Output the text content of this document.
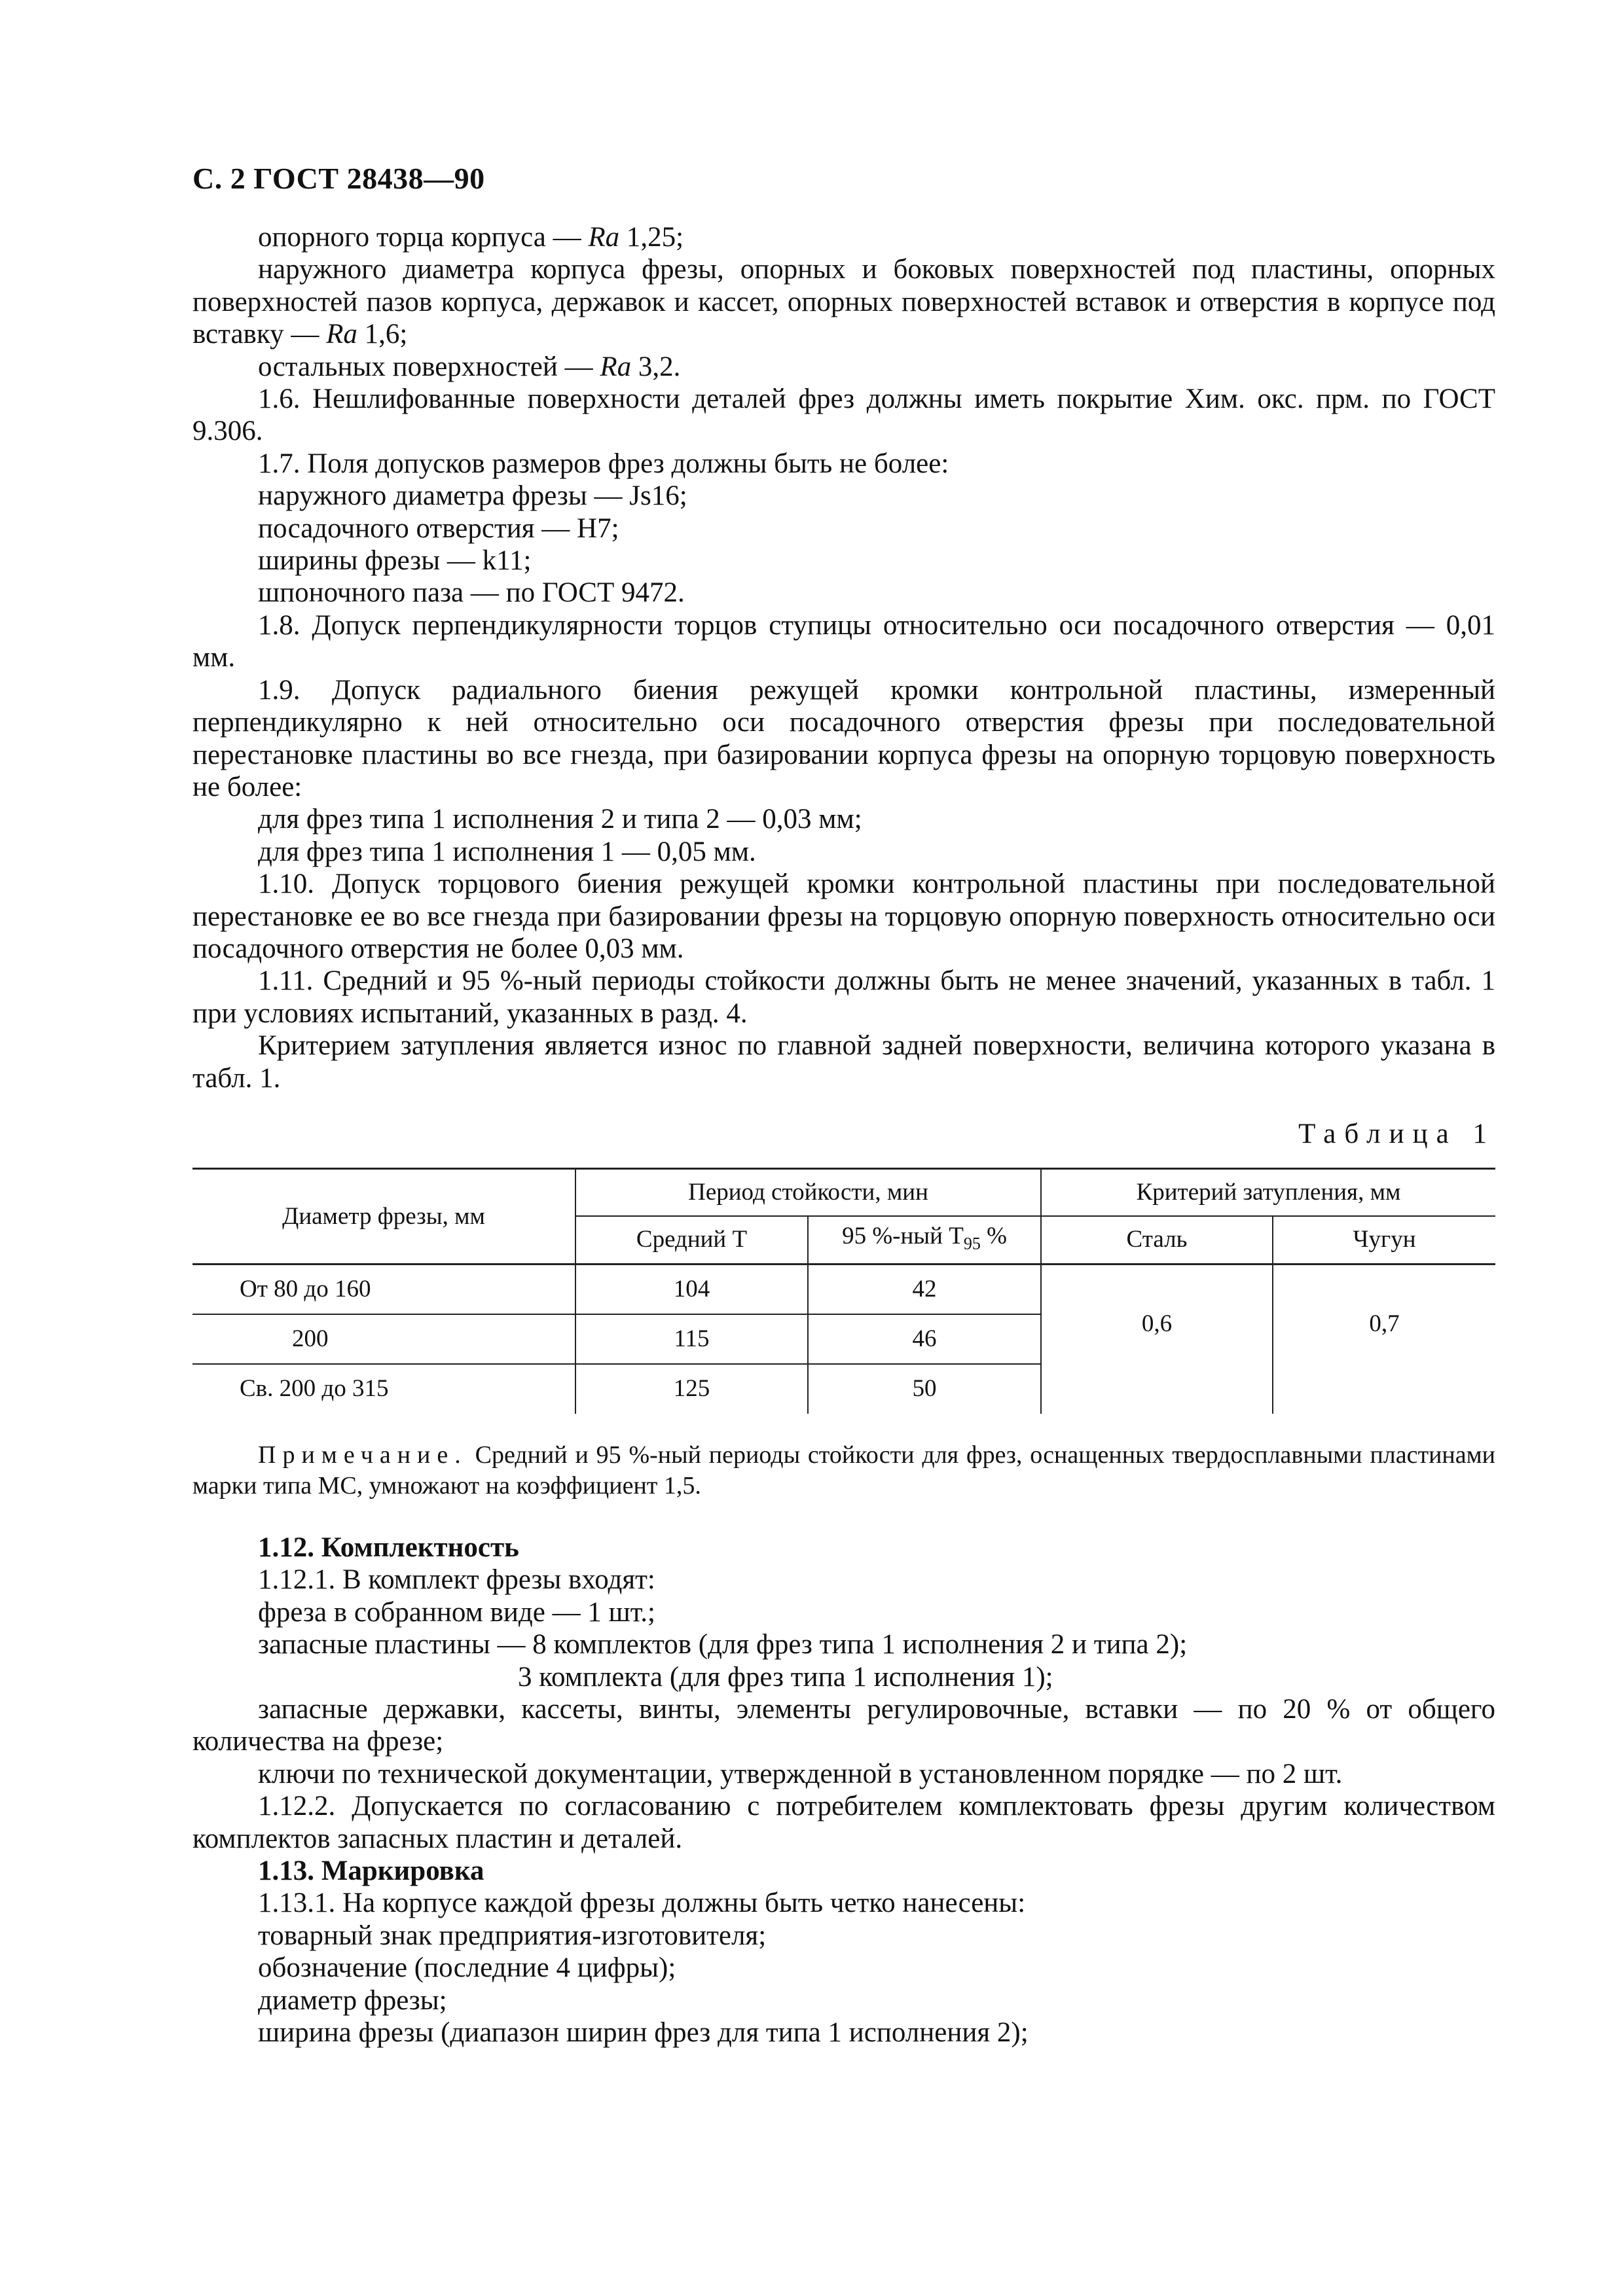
С. 2 ГОСТ 28438—90

опорного торца корпуса — Ra 1,25;

наружного диаметра корпуса фрезы, опорных и боковых поверхностей под пластины, опорных поверхностей пазов корпуса, державок и кассет, опорных поверхностей вставок и отверстия в корпусе под вставку — Ra 1,6;

остальных поверхностей — Ra 3,2.

1.6. Нешлифованные поверхности деталей фрез должны иметь покрытие Хим. окс. прм. по ГОСТ 9.306.

1.7. Поля допусков размеров фрез должны быть не более:

наружного диаметра фрезы — Js16;

посадочного отверстия — H7;

ширины фрезы — k11;

шпоночного паза — по ГОСТ 9472.

1.8. Допуск перпендикулярности торцов ступицы относительно оси посадочного отверстия — 0,01 мм.

1.9. Допуск радиального биения режущей кромки контрольной пластины, измеренный перпендикулярно к ней относительно оси посадочного отверстия фрезы при последовательной перестановке пластины во все гнезда, при базировании корпуса фрезы на опорную торцовую поверхность не более:

для фрез типа 1 исполнения 2 и типа 2 — 0,03 мм;

для фрез типа 1 исполнения 1 — 0,05 мм.

1.10. Допуск торцового биения режущей кромки контрольной пластины при последовательной перестановке ее во все гнезда при базировании фрезы на торцовую опорную поверхность относительно оси посадочного отверстия не более 0,03 мм.

1.11. Средний и 95 %-ный периоды стойкости должны быть не менее значений, указанных в табл. 1 при условиях испытаний, указанных в разд. 4.

Критерием затупления является износ по главной задней поверхности, величина которого указана в табл. 1.

Таблица 1
Диаметр фрезы, мм	Период стойкости, мин		Критерий затупления, мм	
	Средний T	95 %-ный $T_{95}$ %	Сталь	Чугун
От 80 до 160	104	42	0,6	0,7
200	115	46		
Св. 200 до 315	125	50		
Примечание. Средний и 95 %-ный периоды стойкости для фрез, оснащенных твердосплавными пластинами марки типа МС, умножают на коэффициент 1,5.

1.12. Комплектность

1.12.1. В комплект фрезы входят:

фреза в собранном виде — 1 шт.;

запасные пластины — 8 комплектов (для фрез типа 1 исполнения 2 и типа 2);

3 комплекта (для фрез типа 1 исполнения 1);

запасные державки, кассеты, винты, элементы регулировочные, вставки — по 20 % от общего количества на фрезе;

ключи по технической документации, утвержденной в установленном порядке — по 2 шт.

1.12.2. Допускается по согласованию с потребителем комплектовать фрезы другим количеством комплектов запасных пластин и деталей.

1.13. Маркировка

1.13.1. На корпусе каждой фрезы должны быть четко нанесены:

товарный знак предприятия-изготовителя;

обозначение (последние 4 цифры);

диаметр фрезы;

ширина фрезы (диапазон ширин фрез для типа 1 исполнения 2);
